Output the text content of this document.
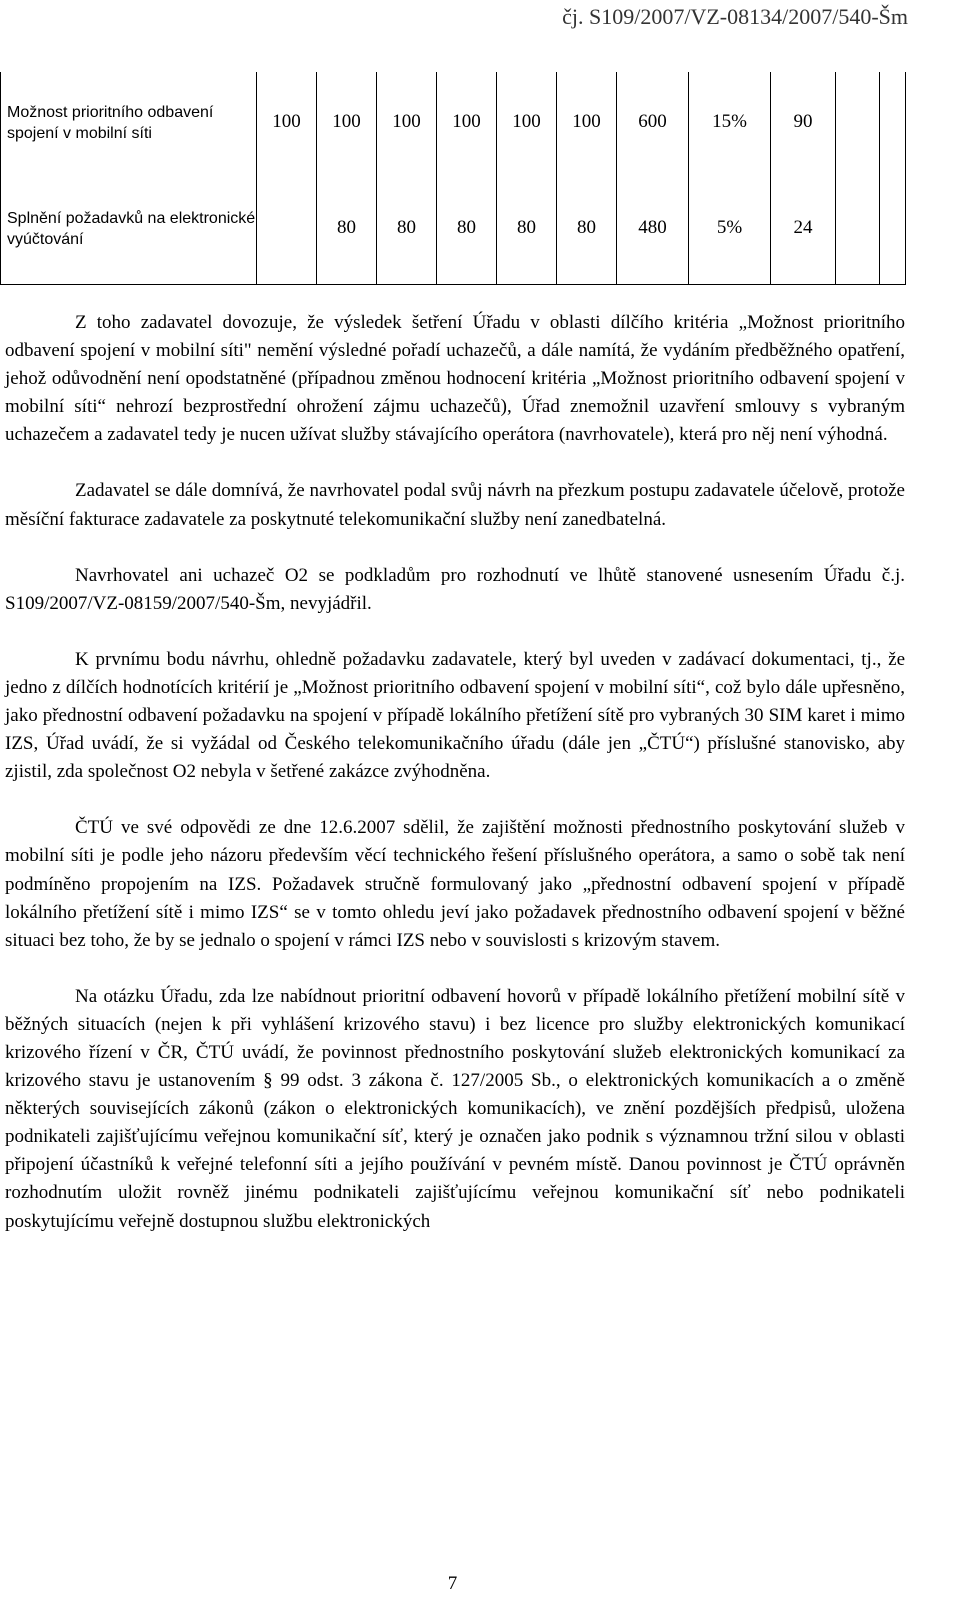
čj. S109/2007/VZ-08134/2007/540-Šm
Možnost prioritního odbavení spojení v mobilní síti	100	100	100	100	100	100	600	15%	90		
Splnění požadavků na elektronické vyúčtování		80	80	80	80	80	480	5%	24		

Z toho zadavatel dovozuje, že výsledek šetření Úřadu v oblasti dílčího kritéria „Možnost prioritního odbavení spojení v mobilní síti" nemění výsledné pořadí uchazečů, a dále namítá, že vydáním předběžného opatření, jehož odůvodnění není opodstatněné (případnou změnou hodnocení kritéria „Možnost prioritního odbavení spojení v mobilní síti“ nehrozí bezprostřední ohrožení zájmu uchazečů), Úřad znemožnil uzavření smlouvy s vybraným uchazečem a zadavatel tedy je nucen užívat služby stávajícího operátora (navrhovatele), která pro něj není výhodná.

Zadavatel se dále domnívá, že navrhovatel podal svůj návrh na přezkum postupu zadavatele účelově, protože měsíční fakturace zadavatele za poskytnuté telekomunikační služby není zanedbatelná.

Navrhovatel ani uchazeč O2 se podkladům pro rozhodnutí ve lhůtě stanovené usnesením Úřadu č.j. S109/2007/VZ-08159/2007/540-Šm, nevyjádřil.

K prvnímu bodu návrhu, ohledně požadavku zadavatele, který byl uveden v zadávací dokumentaci, tj., že jedno z dílčích hodnotících kritérií je „Možnost prioritního odbavení spojení v mobilní síti“, což bylo dále upřesněno, jako přednostní odbavení požadavku na spojení v případě lokálního přetížení sítě pro vybraných 30 SIM karet i mimo IZS, Úřad uvádí, že si vyžádal od Českého telekomunikačního úřadu (dále jen „ČTÚ“) příslušné stanovisko, aby zjistil, zda společnost O2 nebyla v šetřené zakázce zvýhodněna.

ČTÚ ve své odpovědi ze dne 12.6.2007 sdělil, že zajištění možnosti přednostního poskytování služeb v mobilní síti je podle jeho názoru především věcí technického řešení příslušného operátora, a samo o sobě tak není podmíněno propojením na IZS. Požadavek stručně formulovaný jako „přednostní odbavení spojení v případě lokálního přetížení sítě i mimo IZS“ se v tomto ohledu jeví jako požadavek přednostního odbavení spojení v běžné situaci bez toho, že by se jednalo o spojení v rámci IZS nebo v souvislosti s krizovým stavem.

Na otázku Úřadu, zda lze nabídnout prioritní odbavení hovorů v případě lokálního přetížení mobilní sítě v běžných situacích (nejen k při vyhlášení krizového stavu) i bez licence pro služby elektronických komunikací krizového řízení v ČR, ČTÚ uvádí, že povinnost přednostního poskytování služeb elektronických komunikací za krizového stavu je ustanovením § 99 odst. 3 zákona č. 127/2005 Sb., o elektronických komunikacích a o změně některých souvisejících zákonů (zákon o elektronických komunikacích), ve znění pozdějších předpisů, uložena podnikateli zajišťujícímu veřejnou komunikační síť, který je označen jako podnik s významnou tržní silou v oblasti připojení účastníků k veřejné telefonní síti a jejího používání v pevném místě. Danou povinnost je ČTÚ oprávněn rozhodnutím uložit rovněž jinému podnikateli zajišťujícímu veřejnou komunikační síť nebo podnikateli poskytujícímu veřejně dostupnou službu elektronických

7
